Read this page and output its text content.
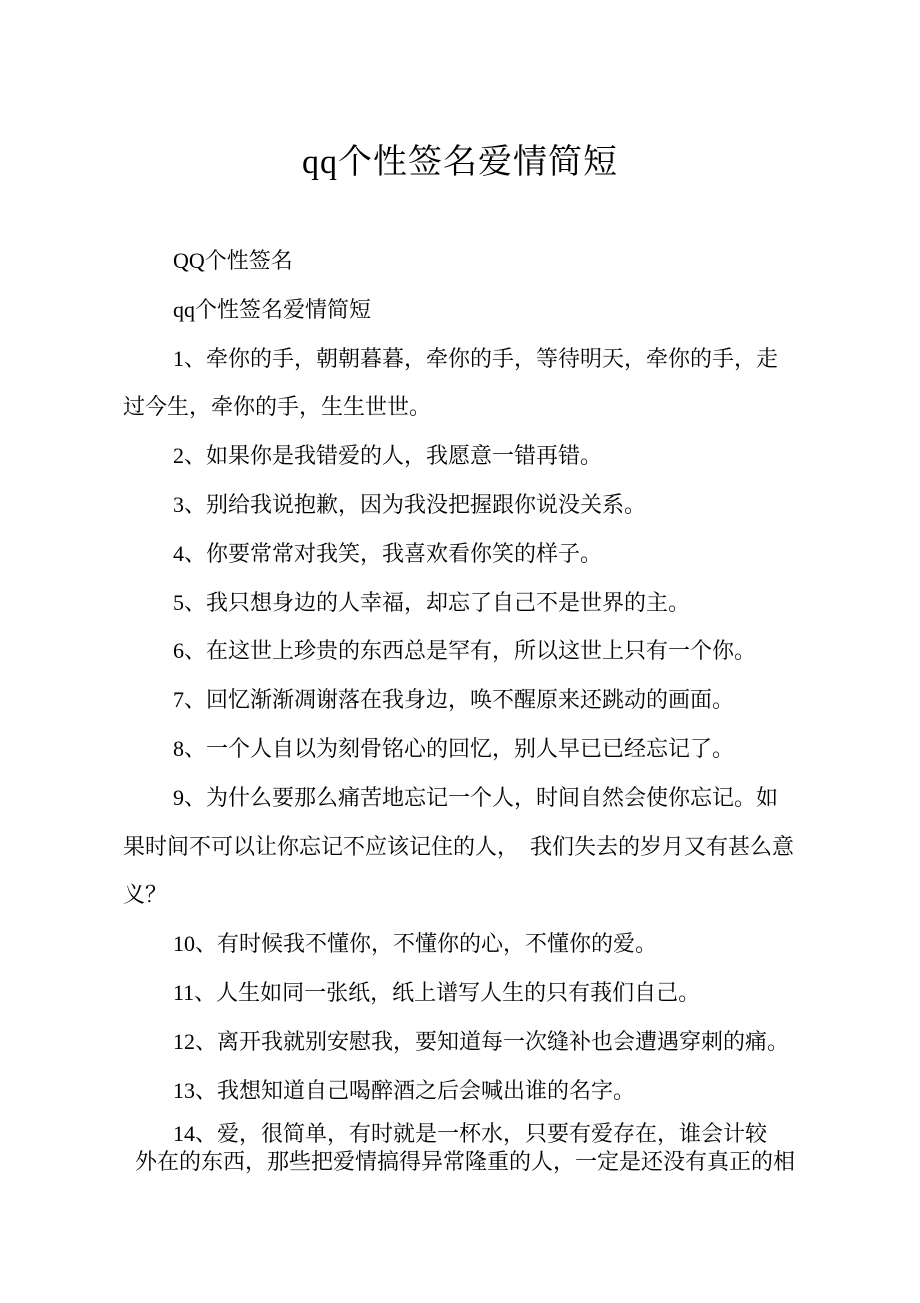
qq个性签名爱情简短
QQ个性签名
qq个性签名爱情简短
1、牵你的手，朝朝暮暮，牵你的手，等待明天，牵你的手，走
过今生，牵你的手，生生世世。
2、如果你是我错爱的人，我愿意一错再错。
3、别给我说抱歉，因为我没把握跟你说没关系。
4、你要常常对我笑，我喜欢看你笑的样子。
5、我只想身边的人幸福，却忘了自己不是世界的主。
6、在这世上珍贵的东西总是罕有，所以这世上只有一个你。
7、回忆渐渐凋谢落在我身边，唤不醒原来还跳动的画面。
8、一个人自以为刻骨铭心的回忆，别人早已已经忘记了。
9、为什么要那么痛苦地忘记一个人，时间自然会使你忘记。如
果时间不可以让你忘记不应该记住的人，　我们失去的岁月又有甚么意
义？
10、有时候我不懂你，不懂你的心，不懂你的爱。
11、人生如同一张纸，纸上谱写人生的只有莪们自己。
12、离开我就别安慰我，要知道每一次缝补也会遭遇穿刺的痛。
13、我想知道自己喝醉酒之后会喊出谁的名字。
14、爱，很简单，有时就是一杯水，只要有爱存在，谁会计较
外在的东西，那些把爱情搞得异常隆重的人，一定是还没有真正的相
